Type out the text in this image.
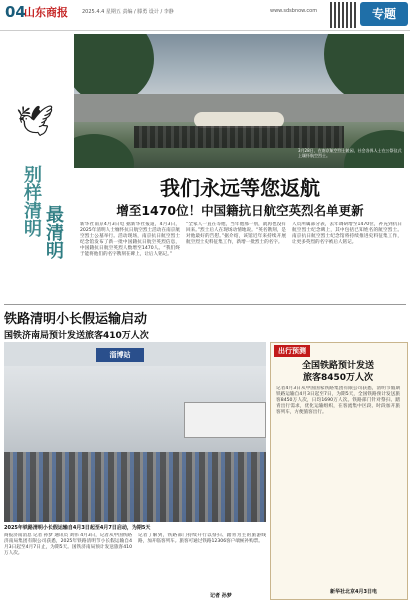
04
山东商报	2025.4.4 星期五 责编 / 滕勇 设计 / 李静	www.sdsbnow.com	专题
3月28日，在南京航空烈士陵园，社会各界人士在公祭仪式上缅怀航空烈士。
🕊
别样清明 最清明
我们永远等您返航
增至1470位！中国籍抗日航空英烈名单更新
新华社南京4月3日电 据新华社报道，4月3日，2025年清明人士缅怀抗日航空烈士活动在南京航空烈士公墓举行。活动现场，南京抗日航空烈士纪念馆发布了新一批中国籍抗日航空英烈信息，中国籍抗日航空英烈人数增至1470人。“我们终于能将他们的名字镌刻在碑上，让后人铭记。”
“全家人一直在等他，当年他那一别，就再也没有回来。”烈士后人在现场动情地说。“英名镌刻，是对他最好的告慰。”据介绍，该馆近年来持续开展航空烈士史料征集工作，新增一批烈士的名字。
人员所属部分表，去年调研增至1470位，补充到抗日航空烈士纪念碑上，其中包括已知姓名的航空烈士。南京抗日航空烈士纪念馆将持续推进史料征集工作，让更多英烈的名字被后人铭记。
铁路清明小长假运输启动
国铁济南局预计发送旅客410万人次
淄博站
2025年铁路清明小长假运输自4月3日起至4月7日启动，为期5天
商报济南消息 记者 孙梦 通讯员 刘伟 4月3日，记者从中国铁路济南局集团有限公司获悉，2025年铁路清明节小长假运输自4月3日起至4月7日止，为期5天。国铁济南局预计发送旅客410万人次。
记者了解到，铁路部门持续开行以祭扫、踏青为主的旅游线路，加开临客列车。旅客可通过铁路12306客户端候补购票。
记者 孙梦
出行预测
全国铁路预计发送
旅客8450万人次
记者4月3日从中国国家铁路集团有限公司获悉，清明节假期铁路运输自4月3日起至7日，为期5天，全国铁路预计发送旅客8450万人次，日均1690万人次。铁路部门针对祭扫、踏青出行需求，优化运输组织，在客流集中区段、时段加开旅客列车，方便旅客出行。
新华社北京4月3日电
